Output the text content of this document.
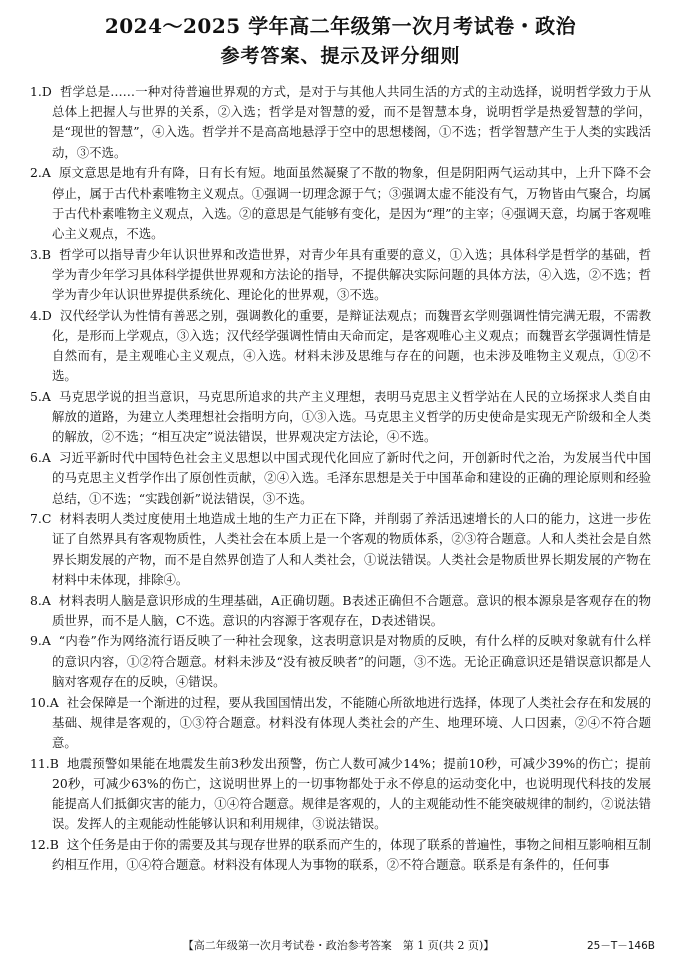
2024～2025 学年高二年级第一次月考试卷・政治
参考答案、提示及评分细则
1.D 哲学总是……一种对待普遍世界观的方式，是对于与其他人共同生活的方式的主动选择，说明哲学致力于从总体上把握人与世界的关系，②入选；哲学是对智慧的爱，而不是智慧本身，说明哲学是热爱智慧的学问，是“现世的智慧”，④入选。哲学并不是高高地悬浮于空中的思想楼阁，①不选；哲学智慧产生于人类的实践活动，③不选。
2.A 原文意思是地有升有降，日有长有短。地面虽然凝聚了不散的物象，但是阴阳两气运动其中，上升下降不会停止，属于古代朴素唯物主义观点。①强调一切理念源于气；③强调太虚不能没有气，万物皆由气聚合，均属于古代朴素唯物主义观点，入选。②的意思是气能够有变化，是因为“理”的主宰；④强调天意，均属于客观唯心主义观点，不选。
3.B 哲学可以指导青少年认识世界和改造世界，对青少年具有重要的意义，①入选；具体科学是哲学的基础，哲学为青少年学习具体科学提供世界观和方法论的指导，不提供解决实际问题的具体方法，④入选，②不选；哲学为青少年认识世界提供系统化、理论化的世界观，③不选。
4.D 汉代经学认为性情有善恶之别，强调教化的重要，是辩证法观点；而魏晋玄学则强调性情完满无瑕，不需教化，是形而上学观点，③入选；汉代经学强调性情由天命而定，是客观唯心主义观点；而魏晋玄学强调性情是自然而有，是主观唯心主义观点，④入选。材料未涉及思维与存在的问题，也未涉及唯物主义观点，①②不选。
5.A 马克思学说的担当意识，马克思所追求的共产主义理想，表明马克思主义哲学站在人民的立场探求人类自由解放的道路，为建立人类理想社会指明方向，①③入选。马克思主义哲学的历史使命是实现无产阶级和全人类的解放，②不选；“相互决定”说法错误，世界观决定方法论，④不选。
6.A 习近平新时代中国特色社会主义思想以中国式现代化回应了新时代之问，开创新时代之治，为发展当代中国的马克思主义哲学作出了原创性贡献，②④入选。毛泽东思想是关于中国革命和建设的正确的理论原则和经验总结，①不选；“实践创新”说法错误，③不选。
7.C 材料表明人类过度使用土地造成土地的生产力正在下降，并削弱了养活迅速增长的人口的能力，这进一步佐证了自然界具有客观物质性，人类社会在本质上是一个客观的物质体系，②③符合题意。人和人类社会是自然界长期发展的产物，而不是自然界创造了人和人类社会，①说法错误。人类社会是物质世界长期发展的产物在材料中未体现，排除④。
8.A 材料表明人脑是意识形成的生理基础，A正确切题。B表述正确但不合题意。意识的根本源泉是客观存在的物质世界，而不是人脑，C不选。意识的内容源于客观存在，D表述错误。
9.A “内卷”作为网络流行语反映了一种社会现象，这表明意识是对物质的反映，有什么样的反映对象就有什么样的意识内容，①②符合题意。材料未涉及“没有被反映者”的问题，③不选。无论正确意识还是错误意识都是人脑对客观存在的反映，④错误。
10.A 社会保障是一个渐进的过程，要从我国国情出发，不能随心所欲地进行选择，体现了人类社会存在和发展的基础、规律是客观的，①③符合题意。材料没有体现人类社会的产生、地理环境、人口因素，②④不符合题意。
11.B 地震预警如果能在地震发生前3秒发出预警，伤亡人数可减少14%；提前10秒，可减少39%的伤亡；提前20秒，可减少63%的伤亡，这说明世界上的一切事物都处于永不停息的运动变化中，也说明现代科技的发展能提高人们抵御灾害的能力，①④符合题意。规律是客观的，人的主观能动性不能突破规律的制约，②说法错误。发挥人的主观能动性能够认识和利用规律，③说法错误。
12.B 这个任务是由于你的需要及其与现存世界的联系而产生的，体现了联系的普遍性，事物之间相互影响相互制约相互作用，①④符合题意。材料没有体现人为事物的联系，②不符合题意。联系是有条件的，任何事
【高二年级第一次月考试卷・政治参考答案　第 1 页(共 2 页)】	25－T－146B
